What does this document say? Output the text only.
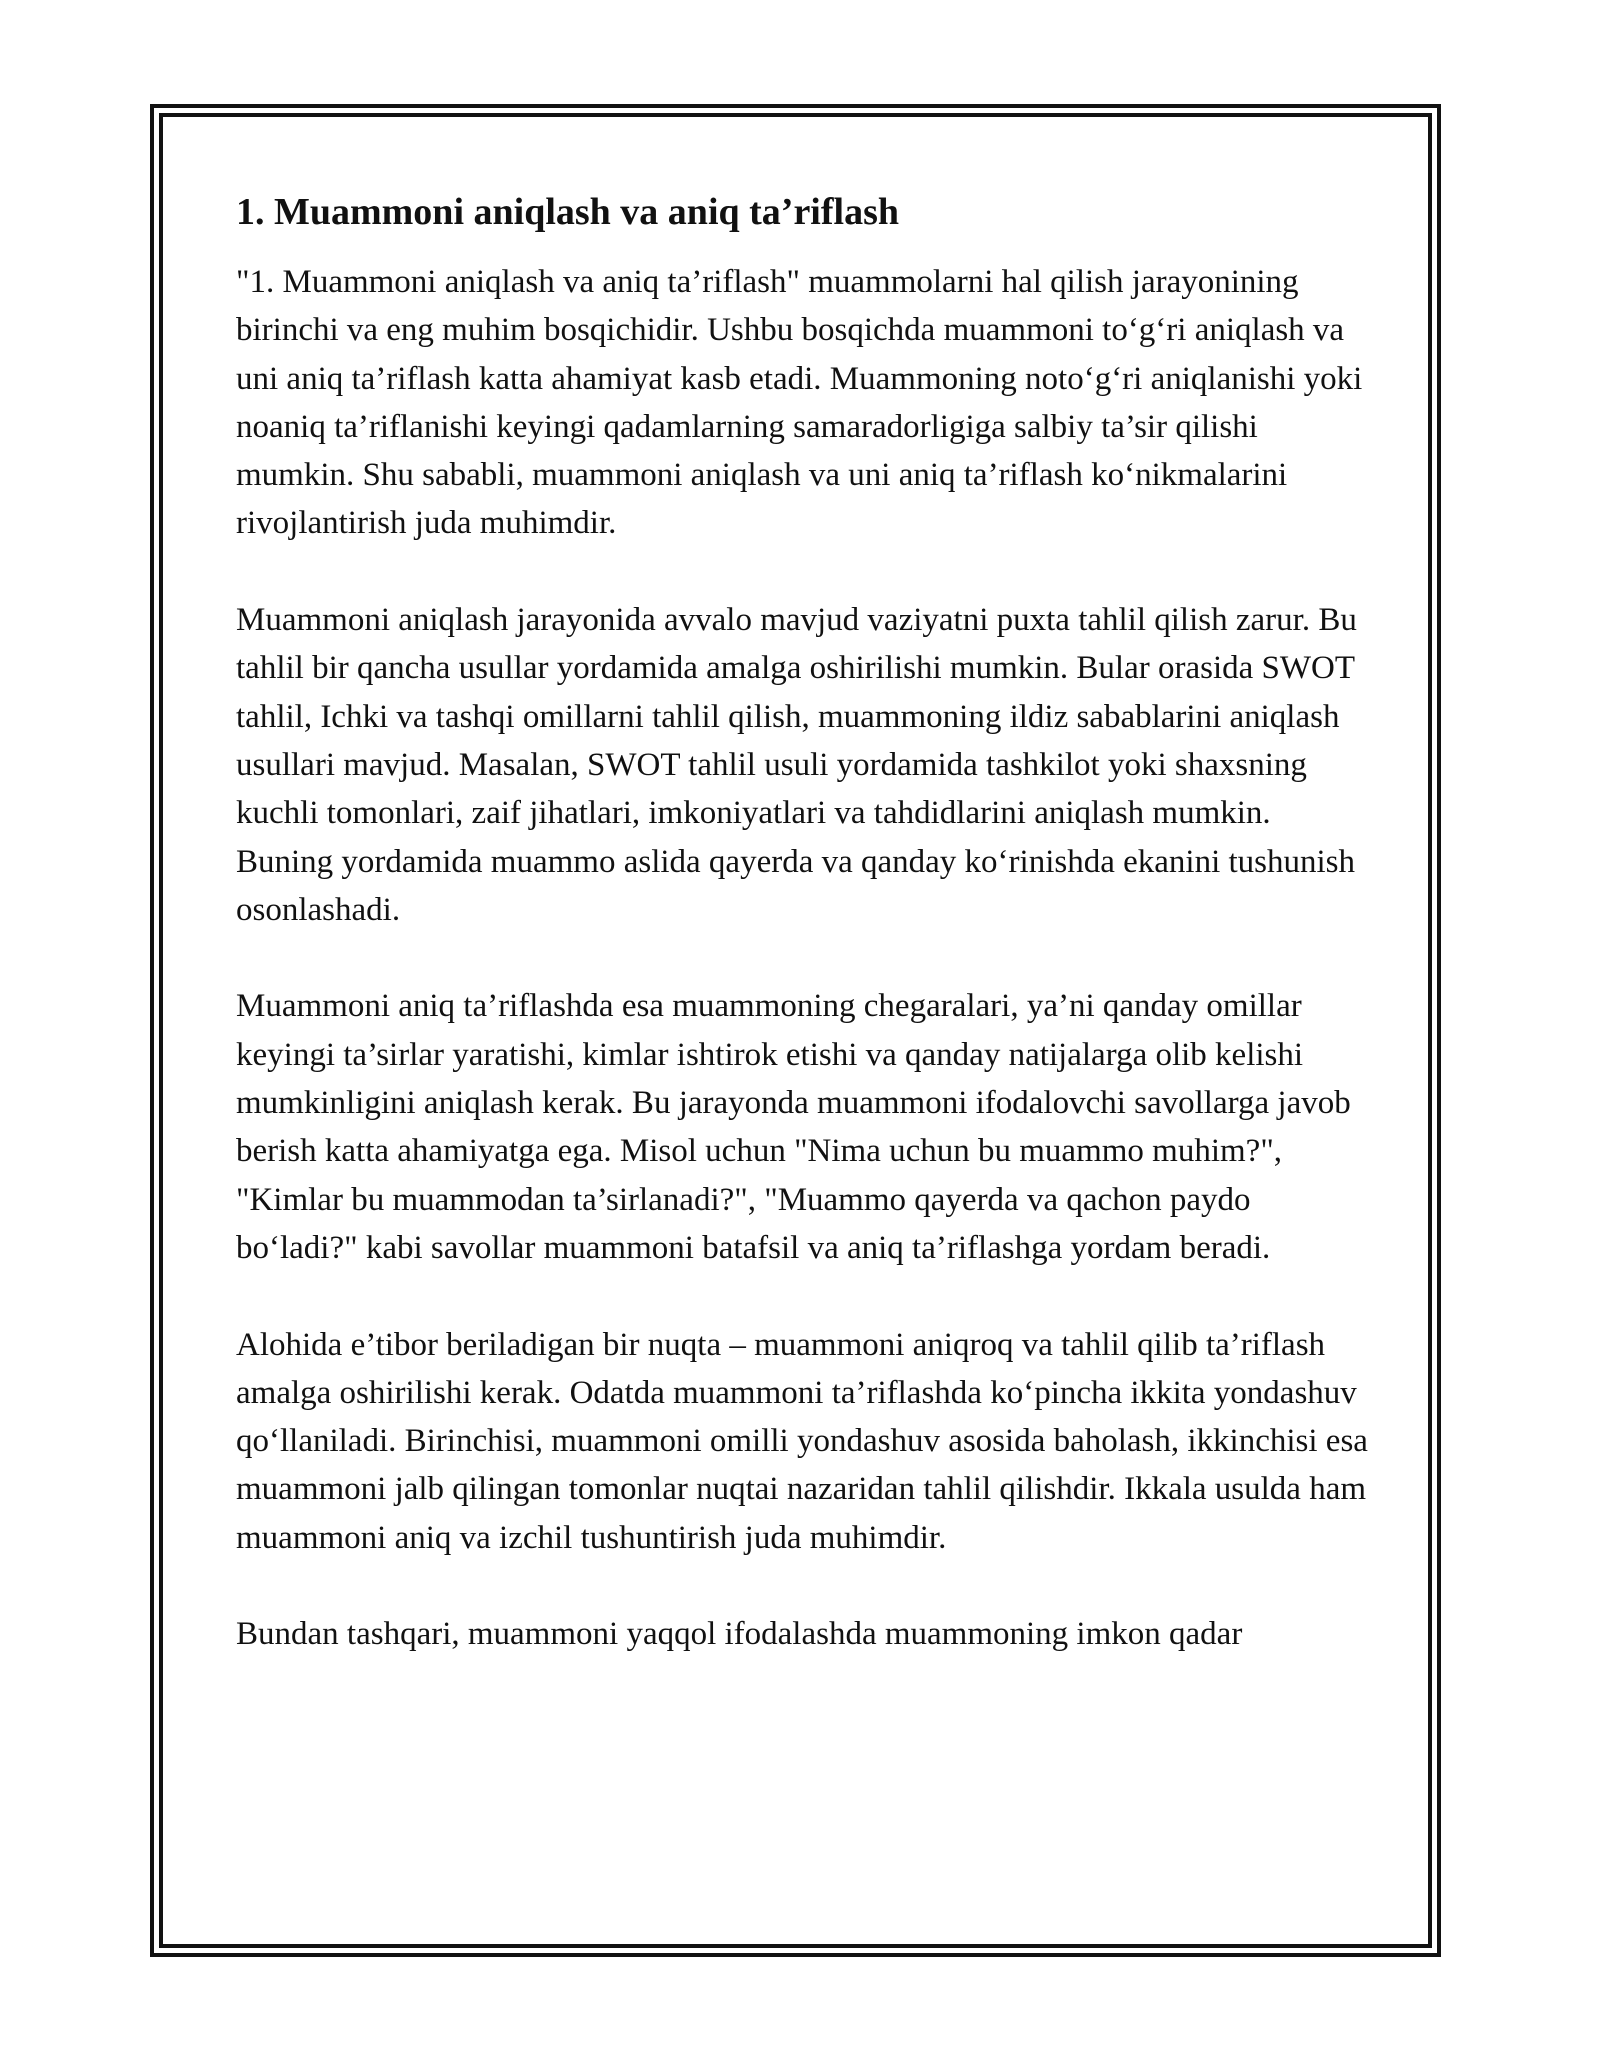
1. Muammoni aniqlash va aniq ta’riflash

"1. Muammoni aniqlash va aniq ta’riflash" muammolarni hal qilish jarayonining birinchi va eng muhim bosqichidir. Ushbu bosqichda muammoni to‘g‘ri aniqlash va uni aniq ta’riflash katta ahamiyat kasb etadi. Muammoning noto‘g‘ri aniqlanishi yoki noaniq ta’riflanishi keyingi qadamlarning samaradorligiga salbiy ta’sir qilishi mumkin. Shu sababli, muammoni aniqlash va uni aniq ta’riflash ko‘nikmalarini rivojlantirish juda muhimdir.

Muammoni aniqlash jarayonida avvalo mavjud vaziyatni puxta tahlil qilish zarur. Bu tahlil bir qancha usullar yordamida amalga oshirilishi mumkin. Bular orasida SWOT tahlil, Ichki va tashqi omillarni tahlil qilish, muammoning ildiz sabablarini aniqlash usullari mavjud. Masalan, SWOT tahlil usuli yordamida tashkilot yoki shaxsning kuchli tomonlari, zaif jihatlari, imkoniyatlari va tahdidlarini aniqlash mumkin. Buning yordamida muammo aslida qayerda va qanday ko‘rinishda ekanini tushunish osonlashadi.

Muammoni aniq ta’riflashda esa muammoning chegaralari, ya’ni qanday omillar keyingi ta’sirlar yaratishi, kimlar ishtirok etishi va qanday natijalarga olib kelishi mumkinligini aniqlash kerak. Bu jarayonda muammoni ifodalovchi savollarga javob berish katta ahamiyatga ega. Misol uchun "Nima uchun bu muammo muhim?", "Kimlar bu muammodan ta’sirlanadi?", "Muammo qayerda va qachon paydo bo‘ladi?" kabi savollar muammoni batafsil va aniq ta’riflashga yordam beradi.

Alohida e’tibor beriladigan bir nuqta – muammoni aniqroq va tahlil qilib ta’riflash amalga oshirilishi kerak. Odatda muammoni ta’riflashda ko‘pincha ikkita yondashuv qo‘llaniladi. Birinchisi, muammoni omilli yondashuv asosida baholash, ikkinchisi esa muammoni jalb qilingan tomonlar nuqtai nazaridan tahlil qilishdir. Ikkala usulda ham muammoni aniq va izchil tushuntirish juda muhimdir.

Bundan tashqari, muammoni yaqqol ifodalashda muammoning imkon qadar
